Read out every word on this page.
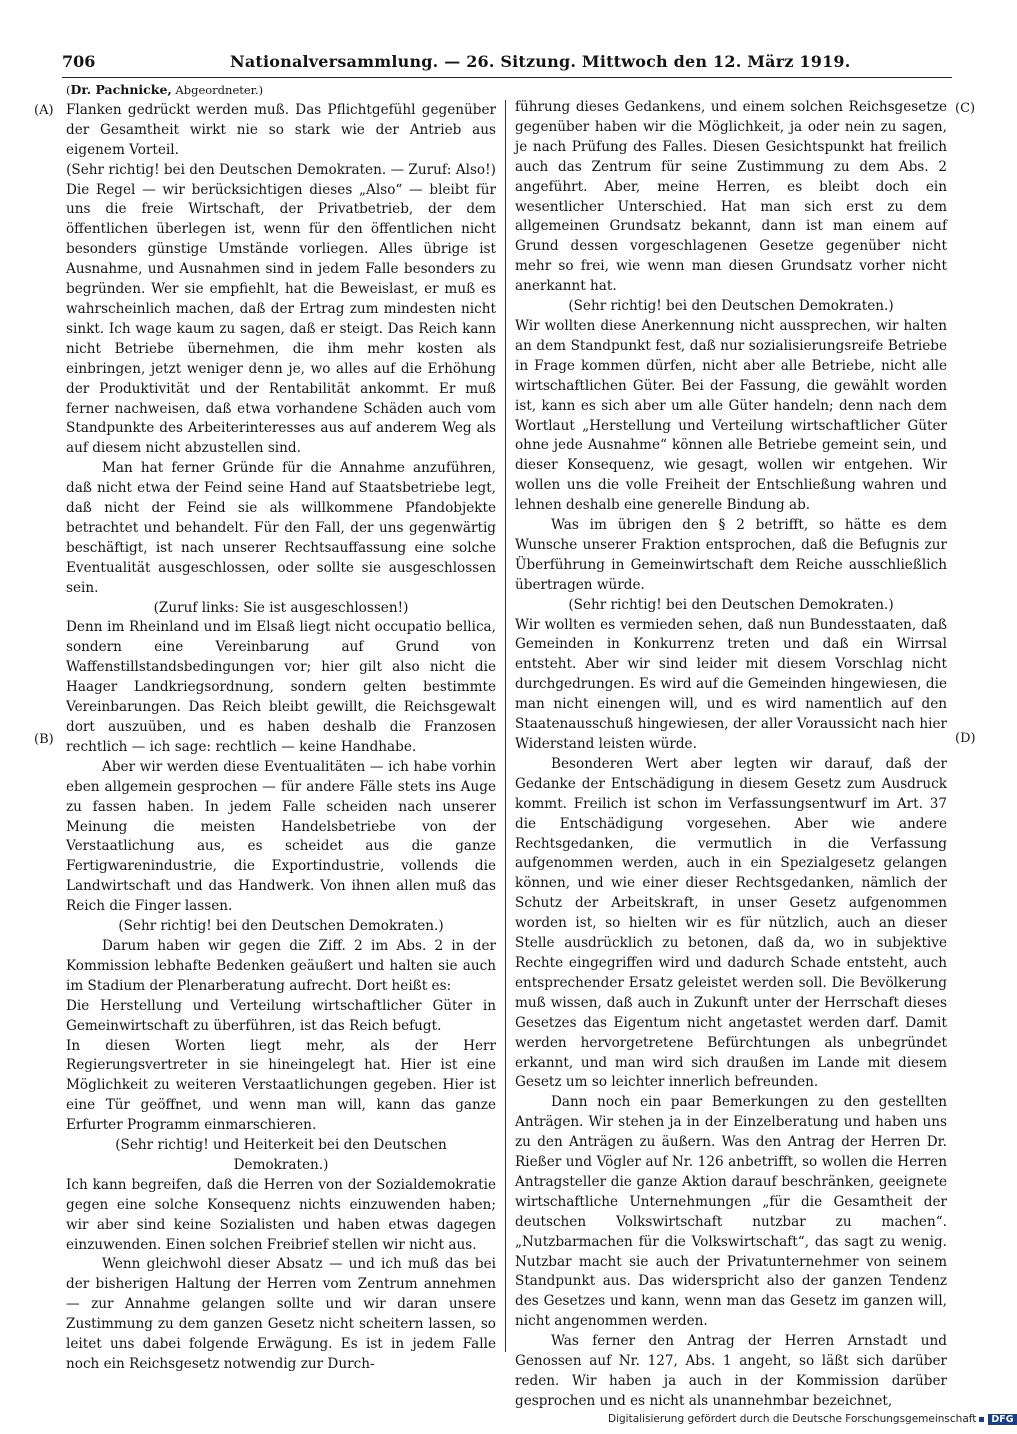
706	Nationalversammlung. — 26. Sitzung. Mittwoch den 12. März 1919.
(A)
(B)
(C)
(D)
(Dr. Pachnicke, Abgeordneter.)

Flanken gedrückt werden muß. Das Pflichtgefühl gegenüber der Gesamtheit wirkt nie so stark wie der Antrieb aus eigenem Vorteil.

(Sehr richtig! bei den Deutschen Demokraten. — Zuruf: Also!)

Die Regel — wir berücksichtigen dieses „Also“ — bleibt für uns die freie Wirtschaft, der Privatbetrieb, der dem öffentlichen überlegen ist, wenn für den öffentlichen nicht besonders günstige Umstände vorliegen. Alles übrige ist Ausnahme, und Ausnahmen sind in jedem Falle besonders zu begründen. Wer sie empfiehlt, hat die Beweislast, er muß es wahrscheinlich machen, daß der Ertrag zum mindesten nicht sinkt. Ich wage kaum zu sagen, daß er steigt. Das Reich kann nicht Betriebe übernehmen, die ihm mehr kosten als einbringen, jetzt weniger denn je, wo alles auf die Erhöhung der Produktivität und der Rentabilität ankommt. Er muß ferner nachweisen, daß etwa vorhandene Schäden auch vom Standpunkte des Arbeiterinteresses aus auf anderem Weg als auf diesem nicht abzustellen sind.

Man hat ferner Gründe für die Annahme anzuführen, daß nicht etwa der Feind seine Hand auf Staatsbetriebe legt, daß nicht der Feind sie als willkommene Pfandobjekte betrachtet und behandelt. Für den Fall, der uns gegenwärtig beschäftigt, ist nach unserer Rechtsauffassung eine solche Eventualität ausgeschlossen, oder sollte sie ausgeschlossen sein.

(Zuruf links: Sie ist ausgeschlossen!)

Denn im Rheinland und im Elsaß liegt nicht occupatio bellica, sondern eine Vereinbarung auf Grund von Waffenstillstandsbedingungen vor; hier gilt also nicht die Haager Landkriegsordnung, sondern gelten bestimmte Vereinbarungen. Das Reich bleibt gewillt, die Reichsgewalt dort auszuüben, und es haben deshalb die Franzosen rechtlich — ich sage: rechtlich — keine Handhabe.

Aber wir werden diese Eventualitäten — ich habe vorhin eben allgemein gesprochen — für andere Fälle stets ins Auge zu fassen haben. In jedem Falle scheiden nach unserer Meinung die meisten Handelsbetriebe von der Verstaatlichung aus, es scheidet aus die ganze Fertigwarenindustrie, die Exportindustrie, vollends die Landwirtschaft und das Handwerk. Von ihnen allen muß das Reich die Finger lassen.

(Sehr richtig! bei den Deutschen Demokraten.)

Darum haben wir gegen die Ziff. 2 im Abs. 2 in der Kommission lebhafte Bedenken geäußert und halten sie auch im Stadium der Plenarberatung aufrecht. Dort heißt es:

Die Herstellung und Verteilung wirtschaftlicher Güter in Gemeinwirtschaft zu überführen, ist das Reich befugt.

In diesen Worten liegt mehr, als der Herr Regierungsvertreter in sie hineingelegt hat. Hier ist eine Möglichkeit zu weiteren Verstaatlichungen gegeben. Hier ist eine Tür geöffnet, und wenn man will, kann das ganze Erfurter Programm einmarschieren.

(Sehr richtig! und Heiterkeit bei den Deutschen Demokraten.)

Ich kann begreifen, daß die Herren von der Sozialdemokratie gegen eine solche Konsequenz nichts einzuwenden haben; wir aber sind keine Sozialisten und haben etwas dagegen einzuwenden. Einen solchen Freibrief stellen wir nicht aus.

Wenn gleichwohl dieser Absatz — und ich muß das bei der bisherigen Haltung der Herren vom Zentrum annehmen — zur Annahme gelangen sollte und wir daran unsere Zustimmung zu dem ganzen Gesetz nicht scheitern lassen, so leitet uns dabei folgende Erwägung. Es ist in jedem Falle noch ein Reichsgesetz notwendig zur Durch-

führung dieses Gedankens, und einem solchen Reichsgesetze gegenüber haben wir die Möglichkeit, ja oder nein zu sagen, je nach Prüfung des Falles. Diesen Gesichtspunkt hat freilich auch das Zentrum für seine Zustimmung zu dem Abs. 2 angeführt. Aber, meine Herren, es bleibt doch ein wesentlicher Unterschied. Hat man sich erst zu dem allgemeinen Grundsatz bekannt, dann ist man einem auf Grund dessen vorgeschlagenen Gesetze gegenüber nicht mehr so frei, wie wenn man diesen Grundsatz vorher nicht anerkannt hat.

(Sehr richtig! bei den Deutschen Demokraten.)

Wir wollten diese Anerkennung nicht aussprechen, wir halten an dem Standpunkt fest, daß nur sozialisierungsreife Betriebe in Frage kommen dürfen, nicht aber alle Betriebe, nicht alle wirtschaftlichen Güter. Bei der Fassung, die gewählt worden ist, kann es sich aber um alle Güter handeln; denn nach dem Wortlaut „Herstellung und Verteilung wirtschaftlicher Güter ohne jede Ausnahme“ können alle Betriebe gemeint sein, und dieser Konsequenz, wie gesagt, wollen wir entgehen. Wir wollen uns die volle Freiheit der Entschließung wahren und lehnen deshalb eine generelle Bindung ab.

Was im übrigen den § 2 betrifft, so hätte es dem Wunsche unserer Fraktion entsprochen, daß die Befugnis zur Überführung in Gemeinwirtschaft dem Reiche ausschließlich übertragen würde.

(Sehr richtig! bei den Deutschen Demokraten.)

Wir wollten es vermieden sehen, daß nun Bundesstaaten, daß Gemeinden in Konkurrenz treten und daß ein Wirrsal entsteht. Aber wir sind leider mit diesem Vorschlag nicht durchgedrungen. Es wird auf die Gemeinden hingewiesen, die man nicht einengen will, und es wird namentlich auf den Staatenausschuß hingewiesen, der aller Voraussicht nach hier Widerstand leisten würde.

Besonderen Wert aber legten wir darauf, daß der Gedanke der Entschädigung in diesem Gesetz zum Ausdruck kommt. Freilich ist schon im Verfassungsentwurf im Art. 37 die Entschädigung vorgesehen. Aber wie andere Rechtsgedanken, die vermutlich in die Verfassung aufgenommen werden, auch in ein Spezialgesetz gelangen können, und wie einer dieser Rechtsgedanken, nämlich der Schutz der Arbeitskraft, in unser Gesetz aufgenommen worden ist, so hielten wir es für nützlich, auch an dieser Stelle ausdrücklich zu betonen, daß da, wo in subjektive Rechte eingegriffen wird und dadurch Schade entsteht, auch entsprechender Ersatz geleistet werden soll. Die Bevölkerung muß wissen, daß auch in Zukunft unter der Herrschaft dieses Gesetzes das Eigentum nicht angetastet werden darf. Damit werden hervorgetretene Befürchtungen als unbegründet erkannt, und man wird sich draußen im Lande mit diesem Gesetz um so leichter innerlich befreunden.

Dann noch ein paar Bemerkungen zu den gestellten Anträgen. Wir stehen ja in der Einzelberatung und haben uns zu den Anträgen zu äußern. Was den Antrag der Herren Dr. Rießer und Vögler auf Nr. 126 anbetrifft, so wollen die Herren Antragsteller die ganze Aktion darauf beschränken, geeignete wirtschaftliche Unternehmungen „für die Gesamtheit der deutschen Volkswirtschaft nutzbar zu machen“. „Nutzbarmachen für die Volkswirtschaft“, das sagt zu wenig. Nutzbar macht sie auch der Privatunternehmer von seinem Standpunkt aus. Das widerspricht also der ganzen Tendenz des Gesetzes und kann, wenn man das Gesetz im ganzen will, nicht angenommen werden.

Was ferner den Antrag der Herren Arnstadt und Genossen auf Nr. 127, Abs. 1 angeht, so läßt sich darüber reden. Wir haben ja auch in der Kommission darüber gesprochen und es nicht als unannehmbar bezeichnet,

Digitalisierung gefördert durch die Deutsche Forschungsgemeinschaft DFG
